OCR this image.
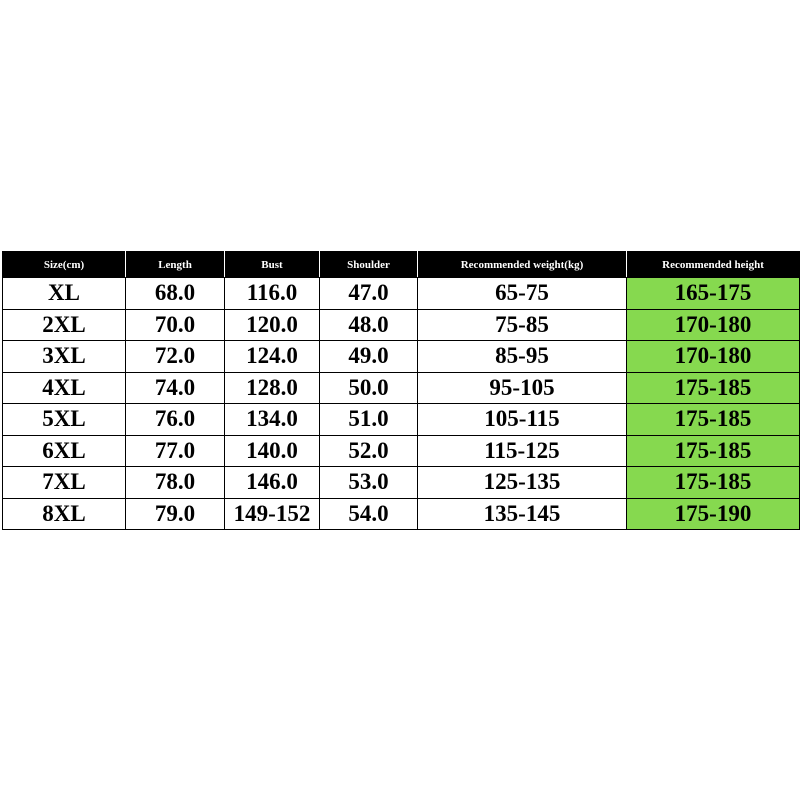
Size(cm)	Length	Bust	Shoulder	Recommended weight(kg)	Recommended height
XL	68.0	116.0	47.0	65-75	165-175
2XL	70.0	120.0	48.0	75-85	170-180
3XL	72.0	124.0	49.0	85-95	170-180
4XL	74.0	128.0	50.0	95-105	175-185
5XL	76.0	134.0	51.0	105-115	175-185
6XL	77.0	140.0	52.0	115-125	175-185
7XL	78.0	146.0	53.0	125-135	175-185
8XL	79.0	149-152	54.0	135-145	175-190
